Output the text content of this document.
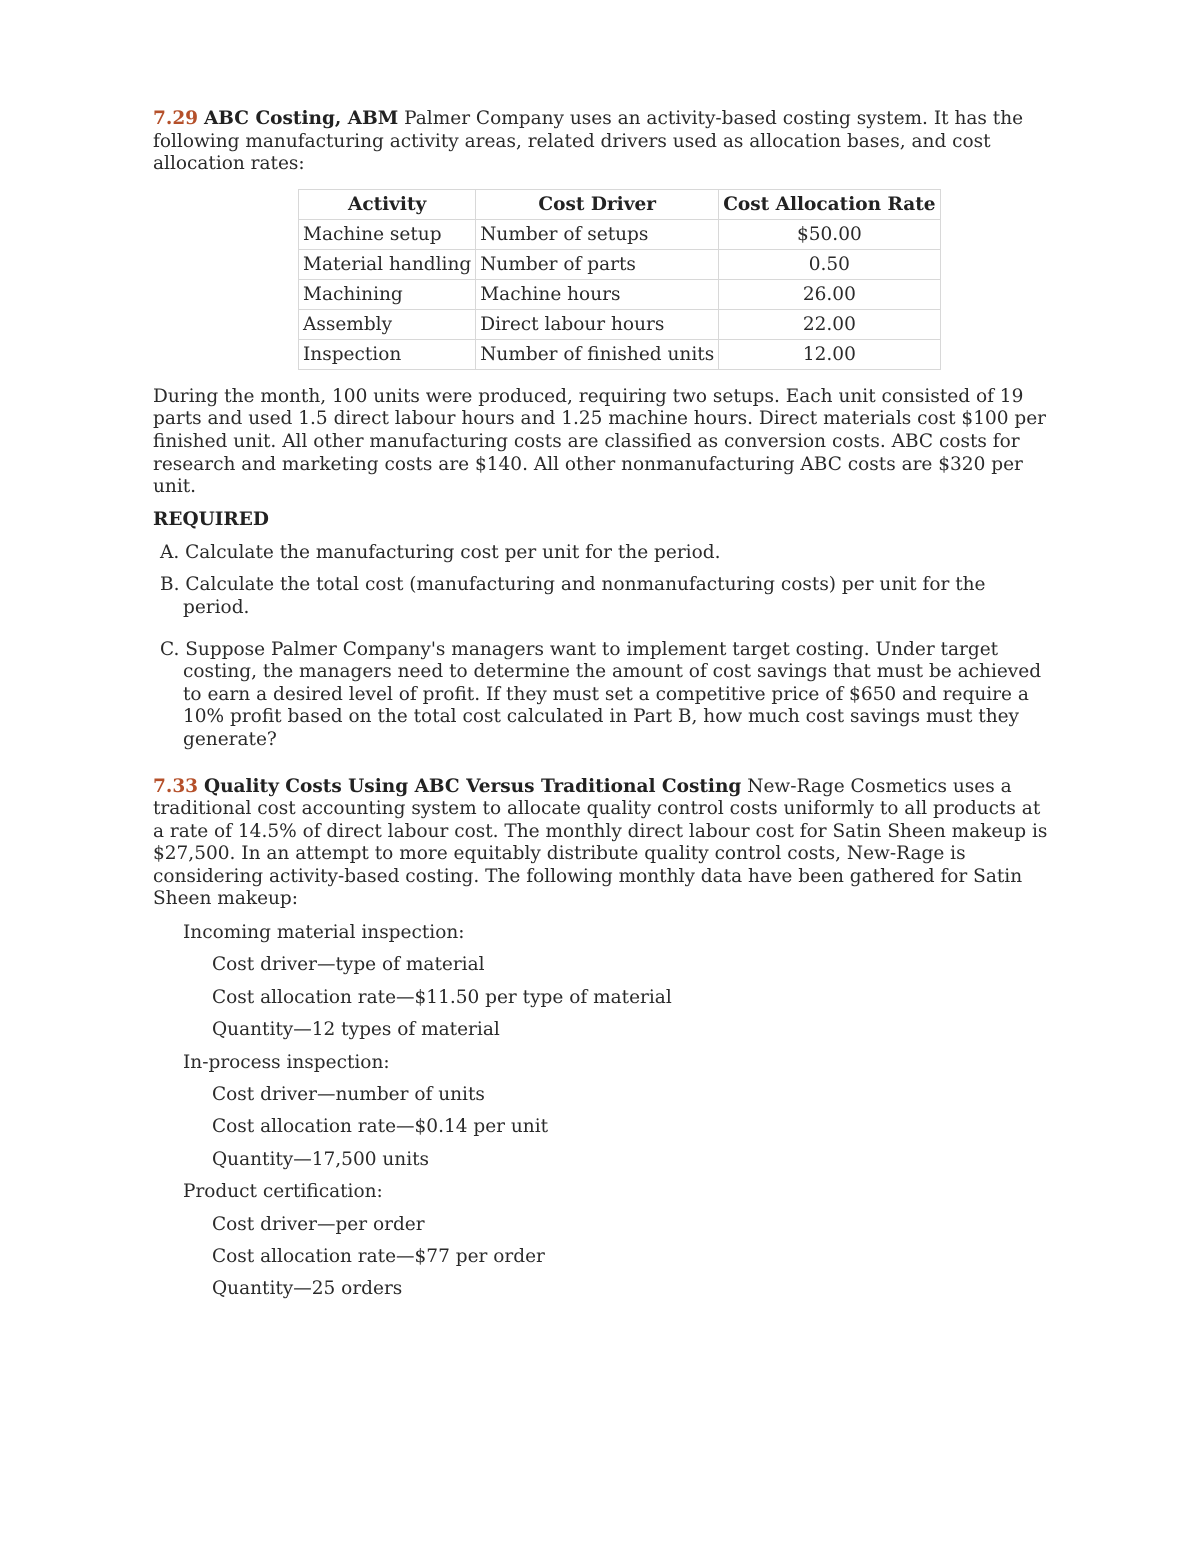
7.29 ABC Costing, ABM Palmer Company uses an activity-based costing system. It has the following manufacturing activity areas, related drivers used as allocation bases, and cost allocation rates:

Activity	Cost Driver	Cost Allocation Rate
Machine setup	Number of setups	$50.00
Material handling	Number of parts	0.50
Machining	Machine hours	26.00
Assembly	Direct labour hours	22.00
Inspection	Number of finished units	12.00

During the month, 100 units were produced, requiring two setups. Each unit consisted of 19 parts and used 1.5 direct labour hours and 1.25 machine hours. Direct materials cost $100 per finished unit. All other manufacturing costs are classified as conversion costs. ABC costs for research and marketing costs are $140. All other nonmanufacturing ABC costs are $320 per unit.

REQUIRED

A. Calculate the manufacturing cost per unit for the period.

B. Calculate the total cost (manufacturing and nonmanufacturing costs) per unit for the period.

C. Suppose Palmer Company's managers want to implement target costing. Under target costing, the managers need to determine the amount of cost savings that must be achieved to earn a desired level of profit. If they must set a competitive price of $650 and require a 10% profit based on the total cost calculated in Part B, how much cost savings must they generate?

7.33 Quality Costs Using ABC Versus Traditional Costing New-Rage Cosmetics uses a traditional cost accounting system to allocate quality control costs uniformly to all products at a rate of 14.5% of direct labour cost. The monthly direct labour cost for Satin Sheen makeup is $27,500. In an attempt to more equitably distribute quality control costs, New-Rage is considering activity-based costing. The following monthly data have been gathered for Satin Sheen makeup:

Incoming material inspection:

Cost driver—type of material

Cost allocation rate—$11.50 per type of material

Quantity—12 types of material

In-process inspection:

Cost driver—number of units

Cost allocation rate—$0.14 per unit

Quantity—17,500 units

Product certification:

Cost driver—per order

Cost allocation rate—$77 per order

Quantity—25 orders
